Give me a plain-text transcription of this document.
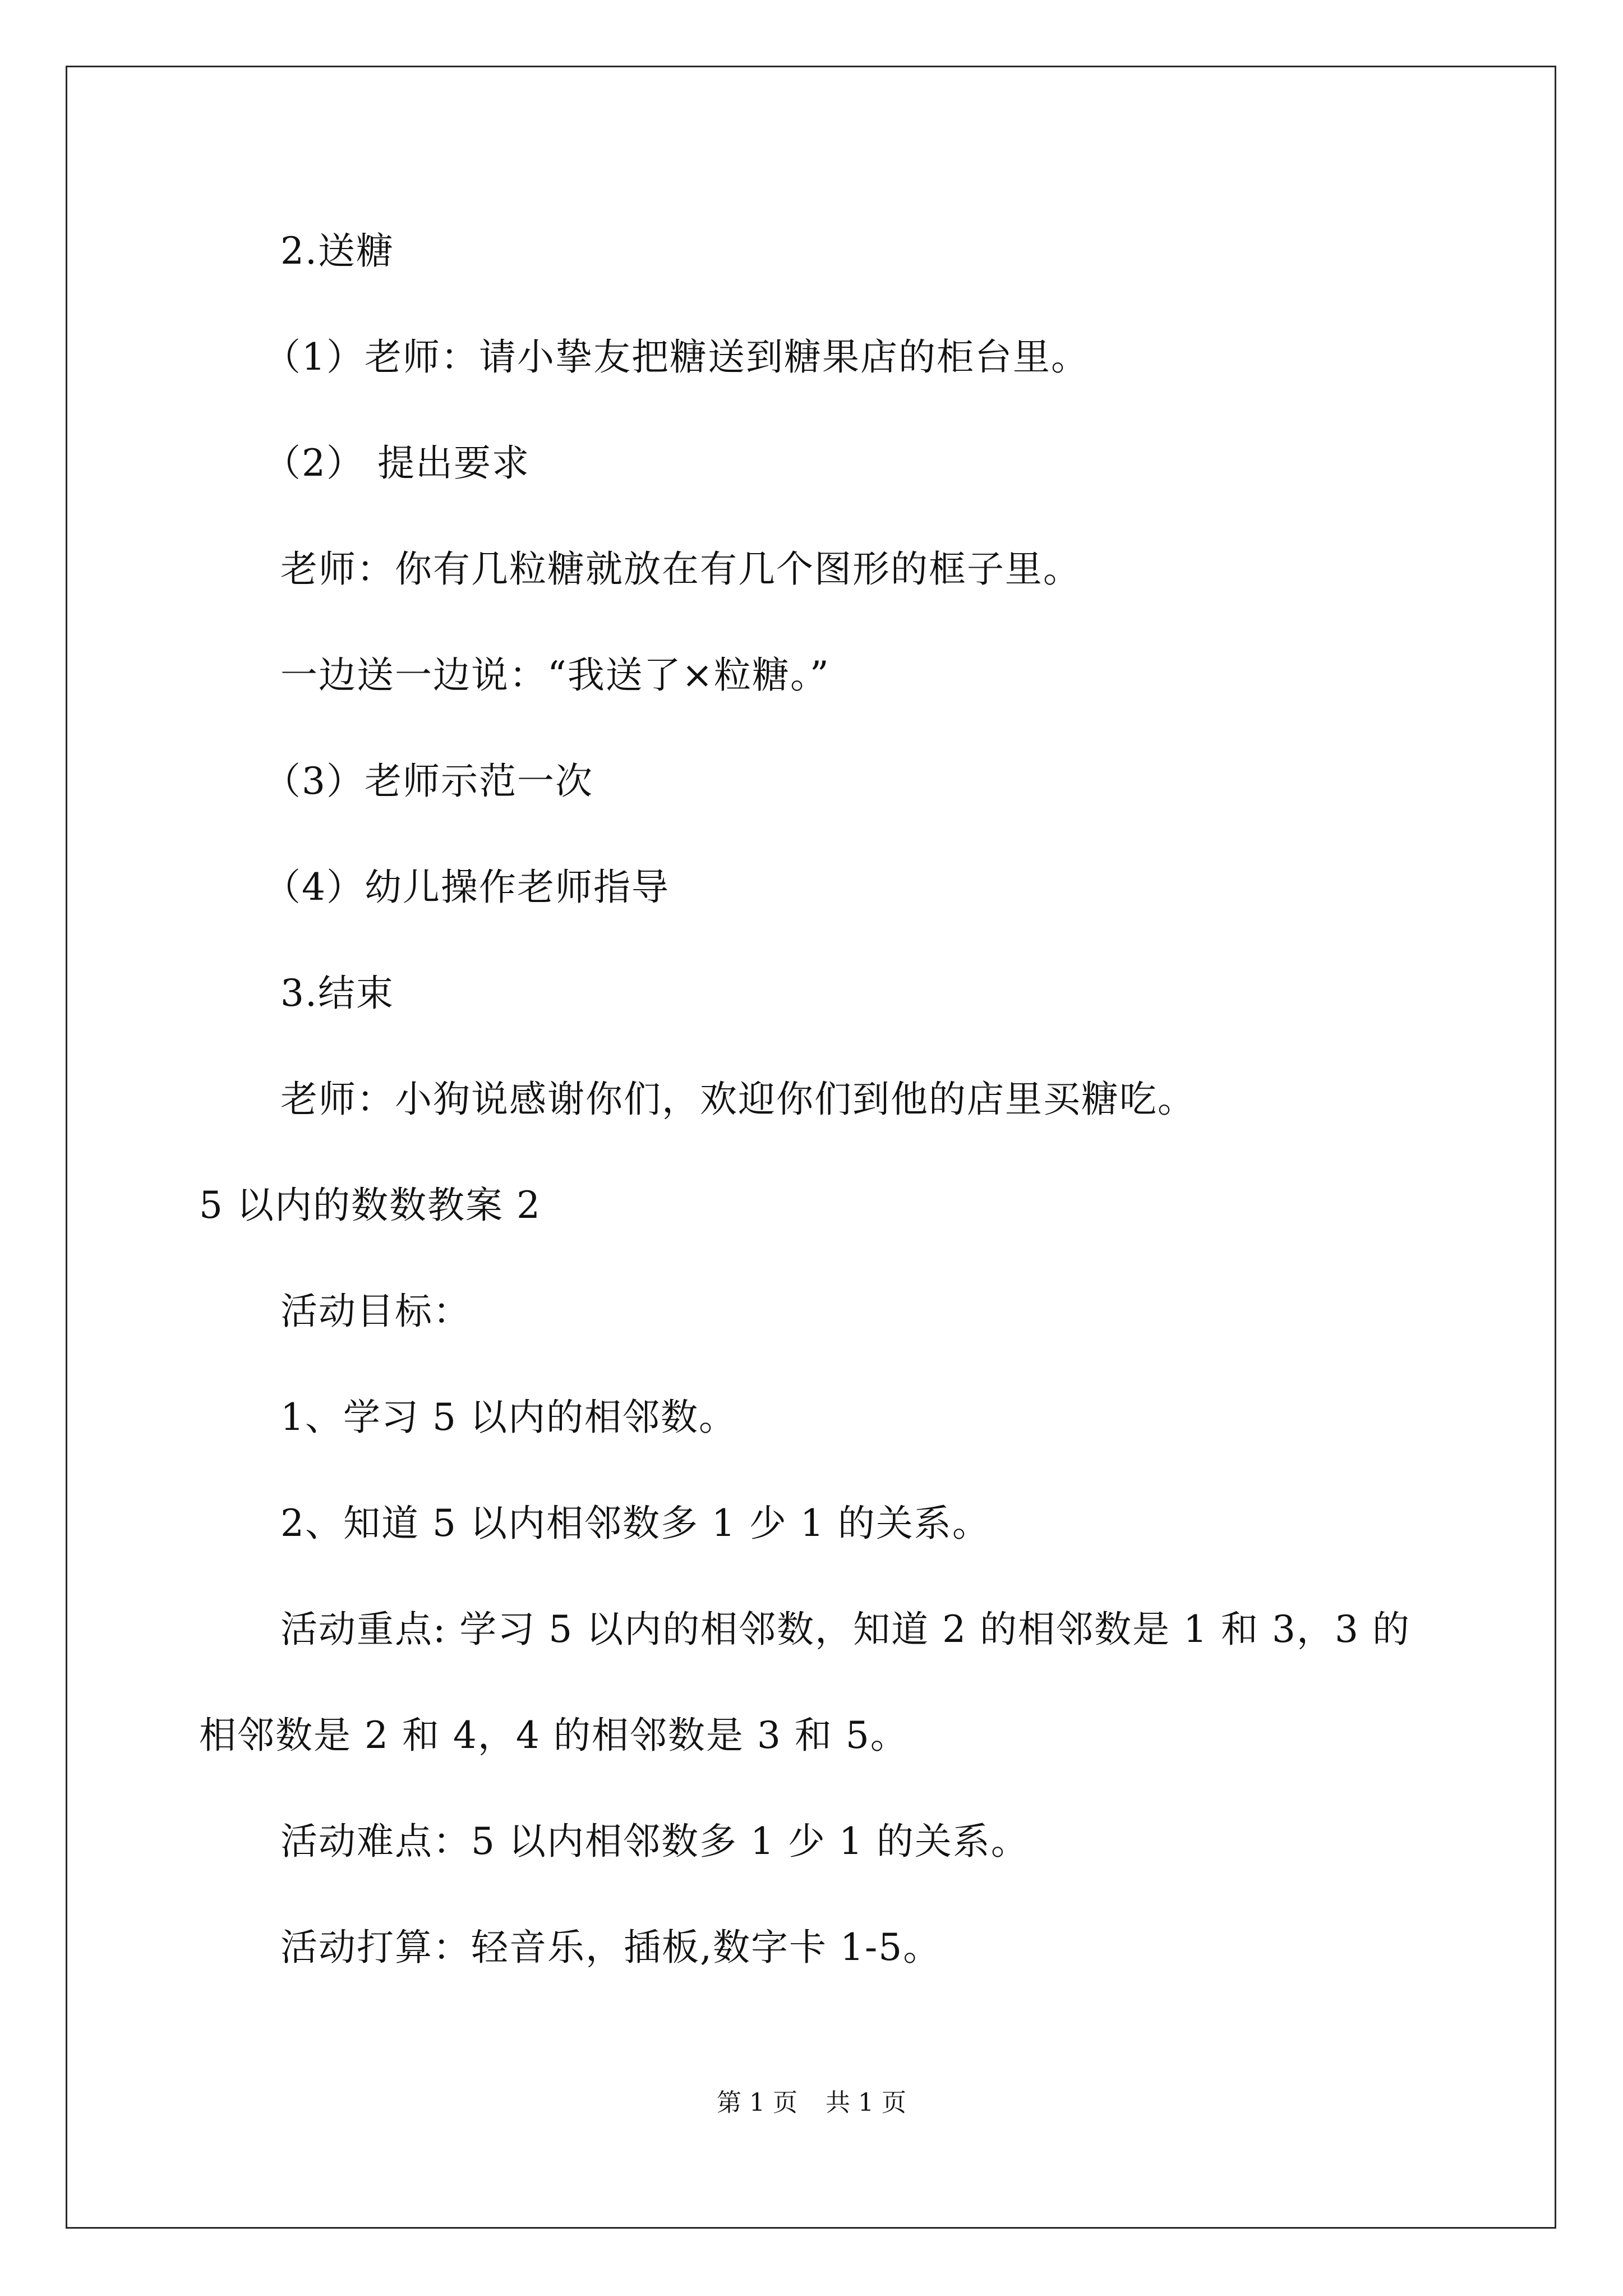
2.送糖
（1）老师：请小挚友把糖送到糖果店的柜台里。
（2） 提出要求
老师：你有几粒糖就放在有几个图形的框子里。
一边送一边说：“我送了×粒糖。”
（3）老师示范一次
（4）幼儿操作老师指导
3.结束
老师：小狗说感谢你们，欢迎你们到他的店里买糖吃。
5 以内的数数教案 2
活动目标：
1、学习 5 以内的相邻数。
2、知道 5 以内相邻数多 1 少 1 的关系。
活动重点: 学习 5 以内的相邻数，知道 2 的相邻数是 1 和 3，3 的
相邻数是 2 和 4，4 的相邻数是 3 和 5。
活动难点：5 以内相邻数多 1 少 1 的关系。
活动打算：轻音乐，插板,数字卡 1-5。
第 1 页 共 1 页
